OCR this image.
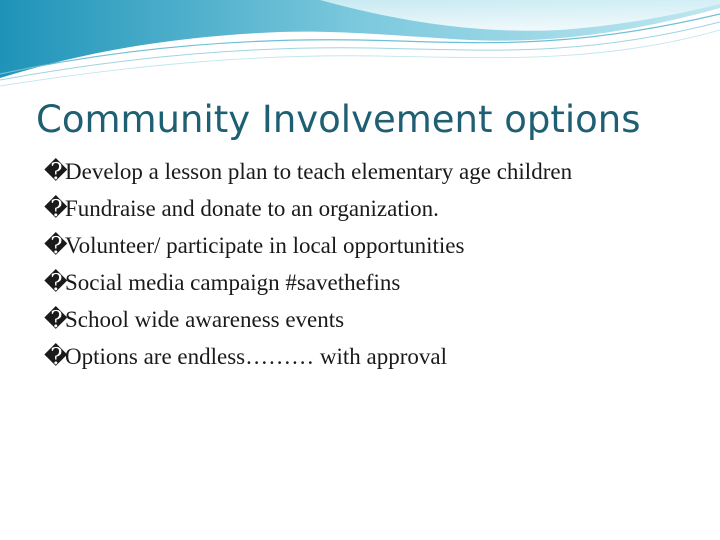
Community Involvement options
�
Develop a lesson plan to teach elementary age children
�
Fundraise and donate to an organization.
�
Volunteer/ participate in local opportunities
�
Social media campaign #savethefins
�
School wide awareness events
�
Options are endless……… with approval
